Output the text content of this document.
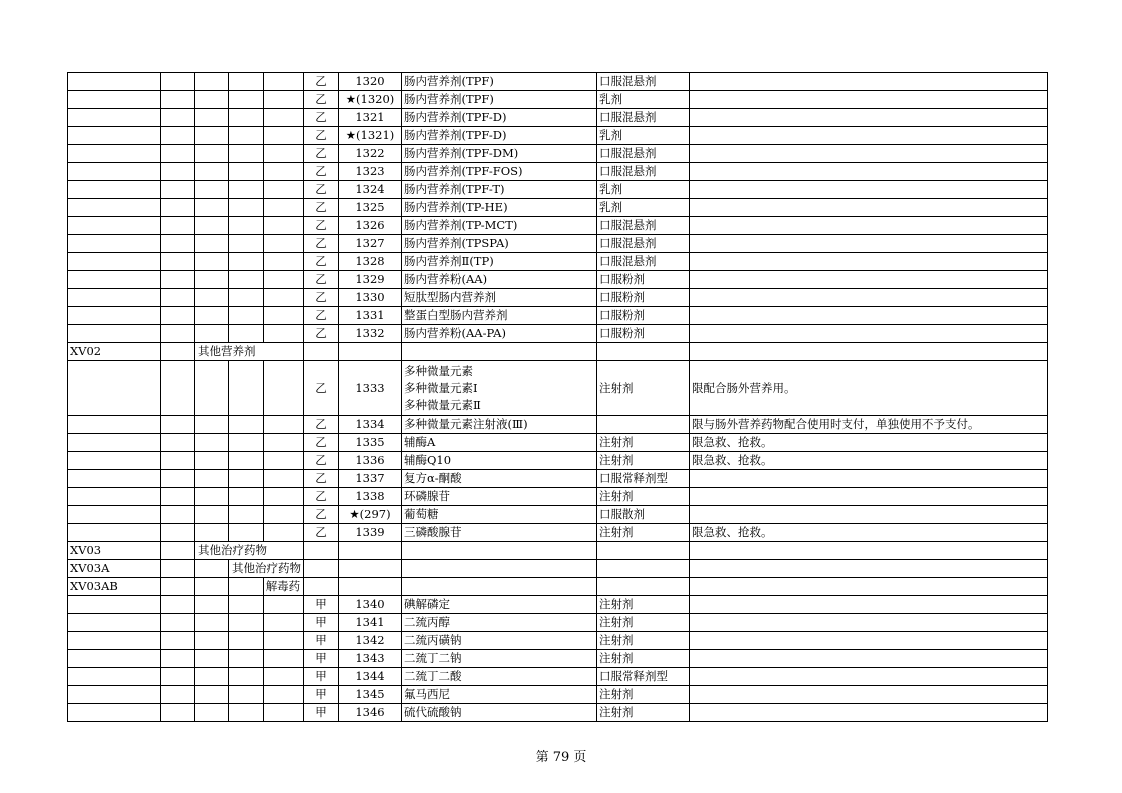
					乙	1320	肠内营养剂(TPF)	口服混悬剂	
					乙	★(1320)	肠内营养剂(TPF)	乳剂	
					乙	1321	肠内营养剂(TPF-D)	口服混悬剂	
					乙	★(1321)	肠内营养剂(TPF-D)	乳剂	
					乙	1322	肠内营养剂(TPF-DM)	口服混悬剂	
					乙	1323	肠内营养剂(TPF-FOS)	口服混悬剂	
					乙	1324	肠内营养剂(TPF-T)	乳剂	
					乙	1325	肠内营养剂(TP-HE)	乳剂	
					乙	1326	肠内营养剂(TP-MCT)	口服混悬剂	
					乙	1327	肠内营养剂(TPSPA)	口服混悬剂	
					乙	1328	肠内营养剂Ⅱ(TP)	口服混悬剂	
					乙	1329	肠内营养粉(AA)	口服粉剂	
					乙	1330	短肽型肠内营养剂	口服粉剂	
					乙	1331	整蛋白型肠内营养剂	口服粉剂	
					乙	1332	肠内营养粉(AA-PA)	口服粉剂	
XV02		其他营养剂							
					乙	1333	多种微量元素
多种微量元素Ⅰ
多种微量元素Ⅱ	注射剂	限配合肠外营养用。
					乙	1334	多种微量元素注射液(Ⅲ)		限与肠外营养药物配合使用时支付，单独使用不予支付。
					乙	1335	辅酶A	注射剂	限急救、抢救。
					乙	1336	辅酶Q10	注射剂	限急救、抢救。
					乙	1337	复方α-酮酸	口服常释剂型	
					乙	1338	环磷腺苷	注射剂	
					乙	★(297)	葡萄糖	口服散剂	
					乙	1339	三磷酸腺苷	注射剂	限急救、抢救。
XV03		其他治疗药物							
XV03A			其他治疗药物						
XV03AB				解毒药					
					甲	1340	碘解磷定	注射剂	
					甲	1341	二巯丙醇	注射剂	
					甲	1342	二巯丙磺钠	注射剂	
					甲	1343	二巯丁二钠	注射剂	
					甲	1344	二巯丁二酸	口服常释剂型	
					甲	1345	氟马西尼	注射剂	
					甲	1346	硫代硫酸钠	注射剂	
第 79 页
